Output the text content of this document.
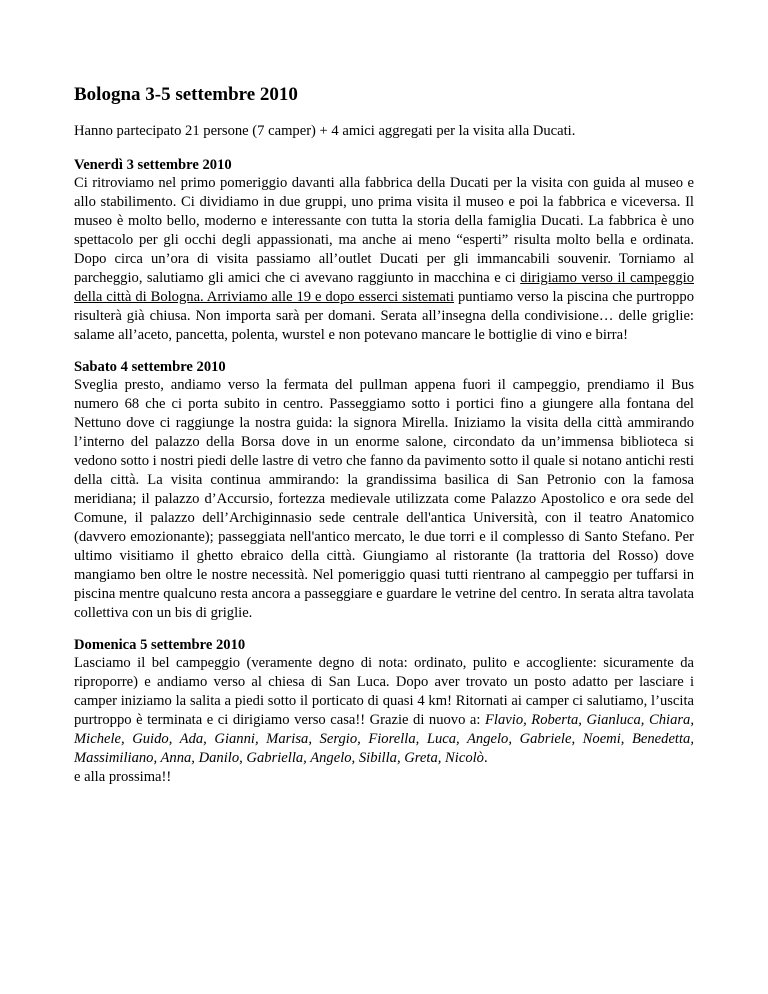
Bologna 3-5 settembre 2010

Hanno partecipato 21 persone (7 camper) + 4 amici aggregati per la visita alla Ducati.

Venerdì 3 settembre 2010

Ci ritroviamo nel primo pomeriggio davanti alla fabbrica della Ducati per la visita con guida al museo e allo stabilimento. Ci dividiamo in due gruppi, uno prima visita il museo e poi la fabbrica e viceversa. Il museo è molto bello, moderno e interessante con tutta la storia della famiglia Ducati. La fabbrica è uno spettacolo per gli occhi degli appassionati, ma anche ai meno “esperti” risulta molto bella e ordinata. Dopo circa un’ora di visita passiamo all’outlet Ducati per gli immancabili souvenir. Torniamo al parcheggio, salutiamo gli amici che ci avevano raggiunto in macchina e ci dirigiamo verso il campeggio della città di Bologna. Arriviamo alle 19 e dopo esserci sistemati puntiamo verso la piscina che purtroppo risulterà già chiusa. Non importa sarà per domani. Serata all’insegna della condivisione… delle griglie: salame all’aceto, pancetta, polenta, wurstel e non potevano mancare le bottiglie di vino e birra!

Sabato 4 settembre 2010

Sveglia presto, andiamo verso la fermata del pullman appena fuori il campeggio, prendiamo il Bus numero 68 che ci porta subito in centro. Passeggiamo sotto i portici fino a giungere alla fontana del Nettuno dove ci raggiunge la nostra guida: la signora Mirella. Iniziamo la visita della città ammirando l’interno del palazzo della Borsa dove in un enorme salone, circondato da un’immensa biblioteca si vedono sotto i nostri piedi delle lastre di vetro che fanno da pavimento sotto il quale si notano antichi resti della città. La visita continua ammirando: la grandissima basilica di San Petronio con la famosa meridiana; il palazzo d’Accursio, fortezza medievale utilizzata come Palazzo Apostolico e ora sede del Comune, il palazzo dell’Archiginnasio sede centrale dell'antica Università, con il teatro Anatomico (davvero emozionante); passeggiata nell'antico mercato, le due torri e il complesso di Santo Stefano. Per ultimo visitiamo il ghetto ebraico della città. Giungiamo al ristorante (la trattoria del Rosso) dove mangiamo ben oltre le nostre necessità. Nel pomeriggio quasi tutti rientrano al campeggio per tuffarsi in piscina mentre qualcuno resta ancora a passeggiare e guardare le vetrine del centro. In serata altra tavolata collettiva con un bis di griglie.

Domenica 5 settembre 2010

Lasciamo il bel campeggio (veramente degno di nota: ordinato, pulito e accogliente: sicuramente da riproporre) e andiamo verso al chiesa di San Luca. Dopo aver trovato un posto adatto per lasciare i camper iniziamo la salita a piedi sotto il porticato di quasi 4 km! Ritornati ai camper ci salutiamo, l’uscita purtroppo è terminata e ci dirigiamo verso casa!! Grazie di nuovo a: Flavio, Roberta, Gianluca, Chiara, Michele, Guido, Ada, Gianni, Marisa, Sergio, Fiorella, Luca, Angelo, Gabriele, Noemi, Benedetta, Massimiliano, Anna, Danilo, Gabriella, Angelo, Sibilla, Greta, Nicolò.
e alla prossima!!
